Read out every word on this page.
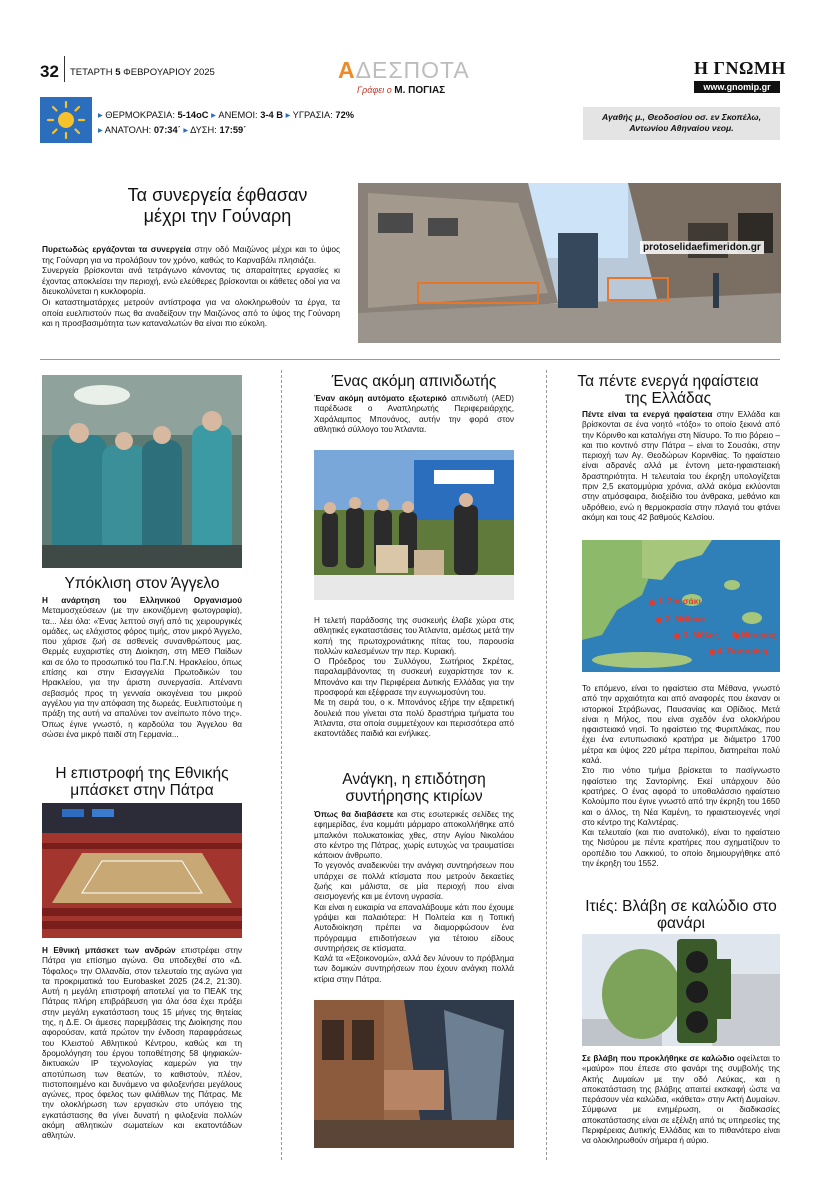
32 ΤΕΤΑΡΤΗ 5 ΦΕΒΡΟΥΑΡΙΟΥ 2025	ΑΔΕΣΠΟΤΑ
Γράφει ο Μ. ΠΟΓΙΑΣ
Η ΓΝΩΜΗ
www.gnomip.gr
▸ ΘΕΡΜΟΚΡΑΣΙΑ: 5-14oC ▸ ΑΝΕΜΟΙ: 3-4 Β ▸ ΥΓΡΑΣΙΑ: 72%
▸ ΑΝΑΤΟΛΗ: 07:34΄ ▸ ΔΥΣΗ: 17:59΄
Αγαθής μ., Θεοδοσίου οσ. εν Σκοπέλω,
Αντωνίου Αθηναίου νεομ.
Τα συνεργεία έφθασαν μέχρι την Γούναρη

Πυρετωδώς εργάζονται τα συνεργεία στην οδό Μαιζώνος μέχρι και το ύψος της Γούναρη για να προλάβουν τον χρόνο, καθώς το Καρναβάλι πλησιάζει.

Συνεργεία βρίσκονται ανά τετράγωνο κάνοντας τις απαραίτητες εργασίες κι έχοντας αποκλείσει την περιοχή, ενώ ελεύθερες βρίσκονται οι κάθετες οδοί για να διευκολύνεται η κυκλοφορία.

Οι καταστηματάρχες μετρούν αντίστροφα για να ολοκληρωθούν τα έργα, τα οποία ευελπιστούν πως θα αναδείξουν την Μαιζώνος από το ύψος της Γούναρη και η προσβασιμότητα των καταναλωτών θα είναι πιο εύκολη.

protoselidaefimeridon.gr
Υπόκλιση στον Άγγελο

Η ανάρτηση του Ελληνικού Οργανισμού Μεταμοσχεύσεων (με την εικονιζόμενη φωτογραφία), τα... λέει όλα: «Ένας λεπτού σιγή από τις χειρουργικές ομάδες, ως ελάχιστος φόρος τιμής, στον μικρό Άγγελο, που χάρισε ζωή σε ασθενείς συνανθρώπους μας. Θερμές ευχαριστίες στη Διοίκηση, στη ΜΕΘ Παίδων και σε όλο το προσωπικό του Πα.Γ.Ν. Ηρακλείου, όπως επίσης και στην Εισαγγελία Πρωτοδικών του Ηρακλείου, για την άριστη συνεργασία. Απέναντι σεβασμός προς τη γενναία οικογένεια του μικρού αγγέλου για την απόφαση της δωρεάς. Ευελπιστούμε η πράξη της αυτή να απαλύνει τον ανείπωτο πόνο της». Όπως έγινε γνωστό, η καρδούλα του Άγγελου θα σώσει ένα μικρό παιδί στη Γερμανία...

Η επιστροφή της Εθνικής μπάσκετ στην Πάτρα

Η Εθνική μπάσκετ των ανδρών επιστρέφει στην Πάτρα για επίσημο αγώνα. Θα υποδεχθεί στο «Δ. Τόφαλος» την Ολλανδία, στον τελευταίο της αγώνα για τα προκριματικά του Eurobasket 2025 (24.2, 21:30). Αυτή η μεγάλη επιστροφή αποτελεί για το ΠΕΑΚ της Πάτρας πλήρη επιβράβευση για όλα όσα έχει πράξει στην μεγάλη εγκατάσταση τους 15 μήνες της θητείας της, η Δ.Ε. Οι άμεσες παρεμβάσεις της Διοίκησης που αφορούσαν, κατά πρώτον την ένδοση παραφράσεως του Κλειστού Αθλητικού Κέντρου, καθώς και τη δρομολόγηση του έργου τοποθέτησης 58 ψηφιακών-δικτυακών IP τεχνολογίας καμερών για την αποτύπωση των θεατών, το καθιστούν, πλέον, πιστοποιημένο και δυνάμενο να φιλοξενήσει μεγάλους αγώνες, προς όφελος των φιλάθλων της Πάτρας. Με την ολοκλήρωση των εργασιών στο υπόγειο της εγκατάστασης θα γίνει δυνατή η φιλοξενία πολλών ακόμη αθλητικών σωματείων και εκατοντάδων αθλητών.

Ένας ακόμη απινιδωτής

Έναν ακόμη αυτόματο εξωτερικό απινιδωτή (AED) παρέδωσε ο Αναπληρωτής Περιφερειάρχης, Χαράλαμπος Μπονάνος, αυτήν την φορά στον αθλητικό σύλλογο του Άτλαντα.

Η τελετή παράδοσης της συσκευής έλαβε χώρα στις αθλητικές εγκαταστάσεις του Άτλαντα, αμέσως μετά την κοπή της πρωτοχρονιάτικης πίτας του, παρουσία πολλών καλεσμένων την περ. Κυριακή.

Ο Πρόεδρος του Συλλόγου, Σωτήριος Σκρέτας, παραλαμβάνοντας τη συσκευή ευχαρίστησε τον κ. Μπονάνο και την Περιφέρεια Δυτικής Ελλάδας για την προσφορά και εξέφρασε την ευγνωμοσύνη του.

Με τη σειρά του, ο κ. Μπονάνος εξήρε την εξαιρετική δουλειά που γίνεται στα πολύ δραστήρια τμήματα του Άτλαντα, στα οποία συμμετέχουν και περισσότερα από εκατοντάδες παιδιά και ενήλικες.

Ανάγκη, η επιδότηση συντήρησης κτιρίων

Όπως θα διαβάσετε και στις εσωτερικές σελίδες της εφημερίδας, ένα κομμάτι μάρμαρο αποκολλήθηκε από μπαλκόνι πολυκατοικίας χθες, στην Αγίου Νικολάου στο κέντρο της Πάτρας, χωρίς ευτυχώς να τραυματίσει κάποιον άνθρωπο.

Το γεγονός αναδεικνύει την ανάγκη συντηρήσεων που υπάρχει σε πολλά κτίσματα που μετρούν δεκαετίες ζωής και μάλιστα, σε μία περιοχή που είναι σεισμογενής και με έντονη υγρασία.

Και είναι η ευκαιρία να επαναλάβουμε κάτι που έχουμε γράψει και παλαιότερα: Η Πολιτεία και η Τοπική Αυτοδιοίκηση πρέπει να διαμορφώσουν ένα πρόγραμμα επιδοτήσεων για τέτοιου είδους συντηρήσεις σε κτίσματα.

Καλά τα «Εξοικονομώ», αλλά δεν λύνουν το πρόβλημα των δομικών συντηρήσεων που έχουν ανάγκη πολλά κτίρια στην Πάτρα.

Τα πέντε ενεργά ηφαίστεια της Ελλάδας

Πέντε είναι τα ενεργά ηφαίστεια στην Ελλάδα και βρίσκονται σε ένα νοητό «τόξο» το οποίο ξεκινά από την Κόρινθο και καταλήγει στη Νίσυρο. Το πιο βόρειο – και πιο κοντινό στην Πάτρα – είναι το Σουσάκι, στην περιοχή των Αγ. Θεοδώρων Κορινθίας. Το ηφαίστειο είναι αδρανές αλλά με έντονη μετα-ηφαιστειακή δραστηριότητα. Η τελευταία του έκρηξη υπολογίζεται πριν 2,5 εκατομμύρια χρόνια, αλλά ακόμα εκλύονται στην ατμόσφαιρα, διοξείδιο του άνθρακα, μεθάνιο και υδρόθειο, ενώ η θερμοκρασία στην πλαγιά του φτάνει ακόμη και τους 42 βαθμούς Κελσίου.

1. Σουσάκι
2. Μέθανα
3. Μήλος
4. Σαντορίνη
5. Νίσυρος

Το επόμενο, είναι το ηφαίστειο στα Μέθανα, γνωστό από την αρχαιότητα και από αναφορές που έκαναν οι ιστορικοί Στράβωνας, Παυσανίας και Οβίδιος. Μετά είναι η Μήλος, που είναι σχεδόν ένα ολοκλήρου ηφαιστειακό νησί. Το ηφαίστειο της Φυριπλάκας, που έχει ένα εντυπωσιακό κρατήρα με διάμετρο 1700 μέτρα και ύψος 220 μέτρα περίπου, διατηρείται πολύ καλά.

Στο πιο νότιο τμήμα βρίσκεται το πασίγνωστο ηφαίστειο της Σαντορίνης. Εκεί υπάρχουν δύο κρατήρες. Ο ένας αφορά το υποθαλάσσιο ηφαίστειο Κολούμπο που έγινε γνωστό από την έκρηξη του 1650 και ο άλλος, τη Νέα Καμένη, το ηφαιστειογενές νησί στο κέντρο της Καλντέρας.

Και τελευταίο (και πιο ανατολικό), είναι το ηφαίστειο της Νισύρου με πέντε κρατήρες που σχηματίζουν το οροπέδιο του Λακκιού, το οποίο δημιουργήθηκε από την έκρηξη του 1552.

Ιτιές: Βλάβη σε καλώδιο στο φανάρι

Σε βλάβη που προκλήθηκε σε καλώδιο οφείλεται το «μαύρο» που έπεσε στο φανάρι της συμβολής της Ακτής Δυμαίων με την οδό Λεύκας, και η αποκατάσταση της βλάβης απαιτεί εκσκαφή ώστε να περάσουν νέα καλώδια, «κάθετα» στην Ακτή Δυμαίων. Σύμφωνα με ενημέρωση, οι διαδικασίες αποκατάστασης είναι σε εξέλιξη από τις υπηρεσίες της Περιφέρειας Δυτικής Ελλάδας και το πιθανότερο είναι να ολοκληρωθούν σήμερα ή αύριο.
